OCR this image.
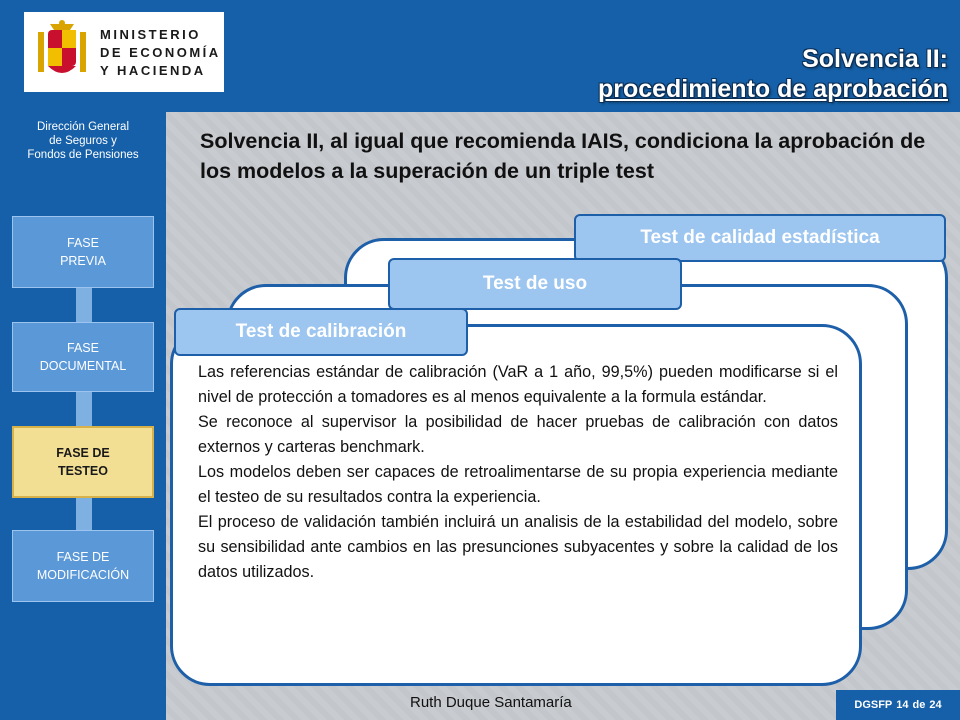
MINISTERIO
DE ECONOMÍA
Y HACIENDA	Solvencia II:
procedimiento de aprobación
Dirección General
de Seguros y
Fondos de Pensiones
FASE
PREVIA
FASE
DOCUMENTAL
FASE DE
TESTEO
FASE DE
MODIFICACIÓN
Solvencia II, al igual que recomienda IAIS, condiciona la aprobación de los modelos a la superación de un triple test
Test de calidad estadística
Test de uso
Test de calibración

Las referencias estándar de calibración (VaR a 1 año, 99,5%) pueden modificarse si el nivel de protección a tomadores es al menos equivalente a la formula estándar.

Se reconoce al supervisor la posibilidad de hacer pruebas de calibración con datos externos y carteras benchmark.

Los modelos deben ser capaces de retroalimentarse de su propia experiencia mediante el testeo de su resultados contra la experiencia.

El proceso de validación también incluirá un analisis de la estabilidad del modelo, sobre su sensibilidad ante cambios en las presunciones subyacentes y sobre la calidad de los datos utilizados.

Ruth Duque Santamaría	DGSFP 14 de 24
